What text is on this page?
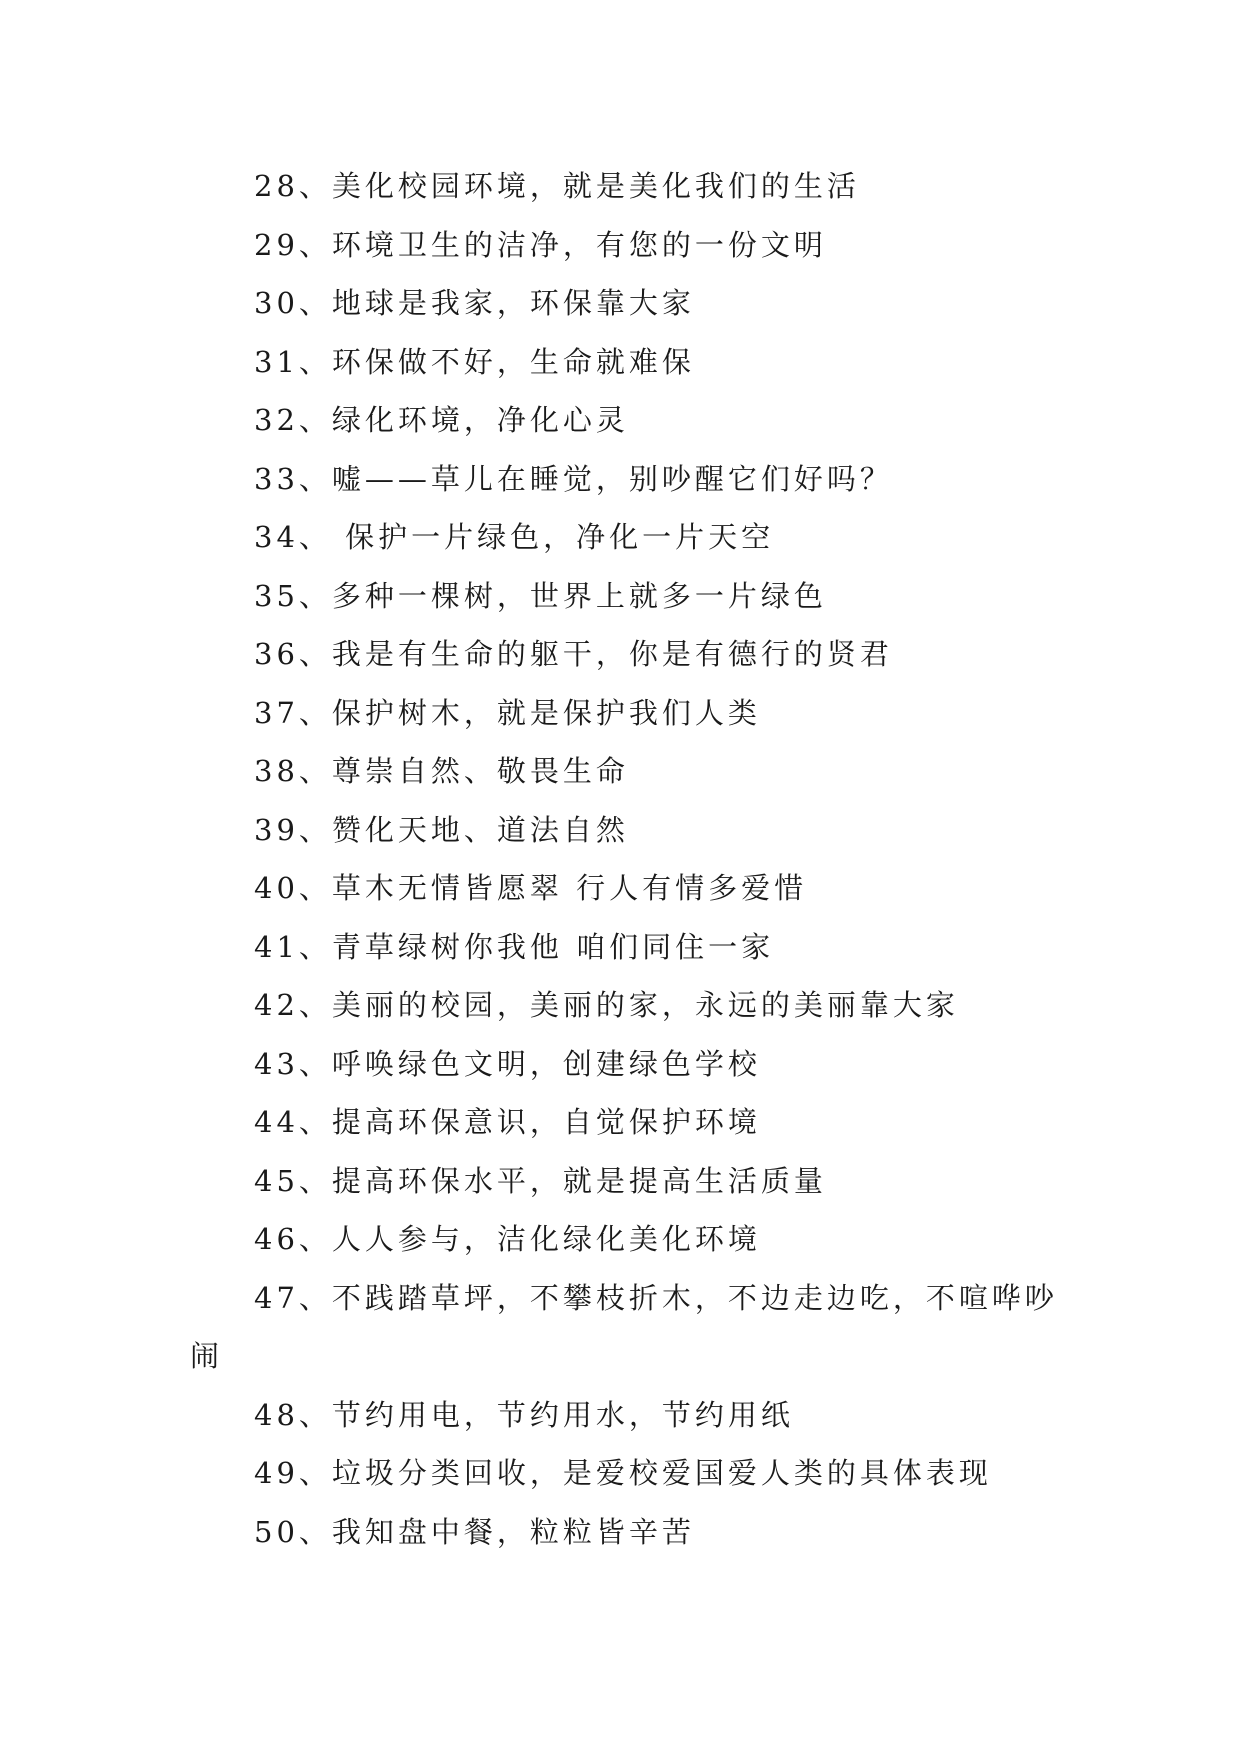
28、美化校园环境，就是美化我们的生活

29、环境卫生的洁净，有您的一份文明

30、地球是我家，环保靠大家

31、环保做不好，生命就难保

32、绿化环境，净化心灵

33、嘘——草儿在睡觉，别吵醒它们好吗？

34、 保护一片绿色，净化一片天空

35、多种一棵树，世界上就多一片绿色

36、我是有生命的躯干，你是有德行的贤君

37、保护树木，就是保护我们人类

38、尊崇自然、敬畏生命

39、赞化天地、道法自然

40、草木无情皆愿翠 行人有情多爱惜

41、青草绿树你我他 咱们同住一家

42、美丽的校园，美丽的家，永远的美丽靠大家

43、呼唤绿色文明，创建绿色学校

44、提高环保意识，自觉保护环境

45、提高环保水平，就是提高生活质量

46、人人参与，洁化绿化美化环境

47、不践踏草坪，不攀枝折木，不边走边吃，不喧哗吵闹

48、节约用电，节约用水，节约用纸

49、垃圾分类回收，是爱校爱国爱人类的具体表现

50、我知盘中餐，粒粒皆辛苦
